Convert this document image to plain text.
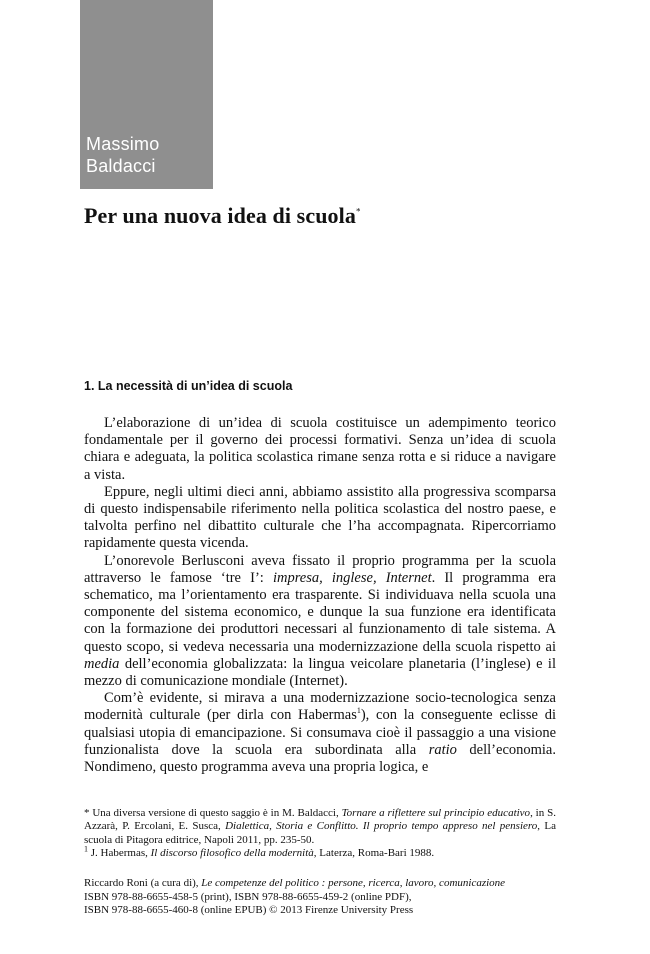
Massimo
Baldacci
Per una nuova idea di scuola*
1. La necessità di un’idea di scuola

L’elaborazione di un’idea di scuola costituisce un adempimento teorico fondamentale per il governo dei processi formativi. Senza un’idea di scuola chiara e adeguata, la politica scolastica rimane senza rotta e si riduce a navigare a vista.

Eppure, negli ultimi dieci anni, abbiamo assistito alla progressiva scomparsa di questo indispensabile riferimento nella politica scolastica del nostro paese, e talvolta perfino nel dibattito culturale che l’ha accompagnata. Ripercorriamo rapidamente questa vicenda.

L’onorevole Berlusconi aveva fissato il proprio programma per la scuola attraverso le famose ‘tre I’: impresa, inglese, Internet. Il programma era schematico, ma l’orientamento era trasparente. Si individuava nella scuola una componente del sistema economico, e dunque la sua funzione era identificata con la formazione dei produttori necessari al funzionamento di tale sistema. A questo scopo, si vedeva necessaria una modernizzazione della scuola rispetto ai media dell’economia globalizzata: la lingua veicolare planetaria (l’inglese) e il mezzo di comunicazione mondiale (Internet).

Com’è evidente, si mirava a una modernizzazione socio-tecnologica senza modernità culturale (per dirla con Habermas$^1$), con la conseguente eclisse di qualsiasi utopia di emancipazione. Si consumava cioè il passaggio a una visione funzionalista dove la scuola era subordinata alla ratio dell’economia. Nondimeno, questo programma aveva una propria logica, e

* Una diversa versione di questo saggio è in M. Baldacci, Tornare a riflettere sul principio educativo, in S. Azzarà, P. Ercolani, E. Susca, Dialettica, Storia e Conflitto. Il proprio tempo appreso nel pensiero, La scuola di Pitagora editrice, Napoli 2011, pp. 235-50.

$^1$ J. Habermas, Il discorso filosofico della modernità, Laterza, Roma-Bari 1988.

Riccardo Roni (a cura di), Le competenze del politico : persone, ricerca, lavoro, comunicazione

ISBN 978-88-6655-458-5 (print), ISBN 978-88-6655-459-2 (online PDF),

ISBN 978-88-6655-460-8 (online EPUB) © 2013 Firenze University Press
